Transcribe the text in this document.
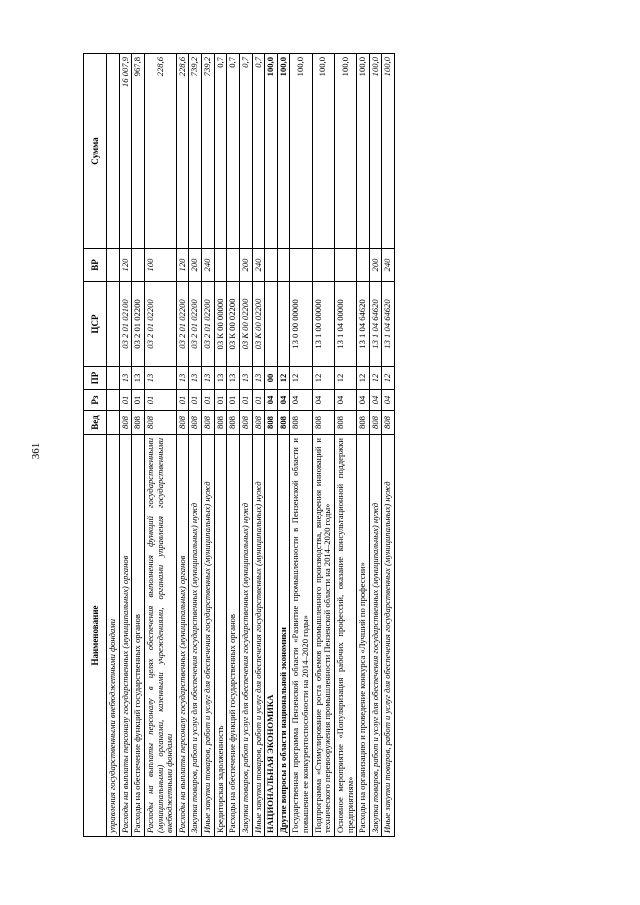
361
Наименование	Вед	Рз	ПР	ЦСР	ВР	Сумма
управления государственными внебюджетными фондами						
Расходы на выплаты персоналу государственных (муниципальных) органов	808	01	13	03 2 01 02100	120	16 007,9
Расходы на обеспечение функций государственных органов	808	01	13	03 2 01 02200		967,8
Расходы на выплаты персоналу в целях обеспечения выполнения функций государственными (муниципальными) органами, казенными учреждениями, органами управления государственными внебюджетными фондами	808	01	13	03 2 01 02200	100	228,6
Расходы на выплаты персоналу государственных (муниципальных) органов	808	01	13	03 2 01 02200	120	228,6
Закупка товаров, работ и услуг для обеспечения государственных (муниципальных) нужд	808	01	13	03 2 01 02200	200	739,2
Иные закупки товаров, работ и услуг для обеспечения государственных (муниципальных) нужд	808	01	13	03 2 01 02200	240	739,2
Кредиторская задолженность	808	01	13	03 К 00 00000		0,7
Расходы на обеспечение функций государственных органов	808	01	13	03 К 00 02200		0,7
Закупка товаров, работ и услуг для обеспечения государственных (муниципальных) нужд	808	01	13	03 К 00 02200	200	0,7
Иные закупки товаров, работ и услуг для обеспечения государственных (муниципальных) нужд	808	01	13	03 К 00 02200	240	0,7
НАЦИОНАЛЬНАЯ ЭКОНОМИКА	808	04	00			100,0
Другие вопросы в области национальной экономики	808	04	12			100,0
Государственная программа Пензенской области «Развитие промышленности в Пензенской области и повышение ее конкурентоспособности на 2014–2020 годы»	808	04	12	13 0 00 00000		100,0
Подпрограмма «Стимулирование роста объемов промышленного производства, внедрения инноваций и технического перевооружения промышленности Пензенской области на 2014–2020 годы»	808	04	12	13 1 00 00000		100,0
Основное мероприятие «Популяризация рабочих профессий, оказание консультационной поддержки предприятиям»	808	04	12	13 1 04 00000		100,0
Расходы на организацию и проведение конкурса «Лучший по профессии»	808	04	12	13 1 04 64620		100,0
Закупка товаров, работ и услуг для обеспечения государственных (муниципальных) нужд	808	04	12	13 1 04 64620	200	100,0
Иные закупки товаров, работ и услуг для обеспечения государственных (муниципальных) нужд	808	04	12	13 1 04 64620	240	100,0
